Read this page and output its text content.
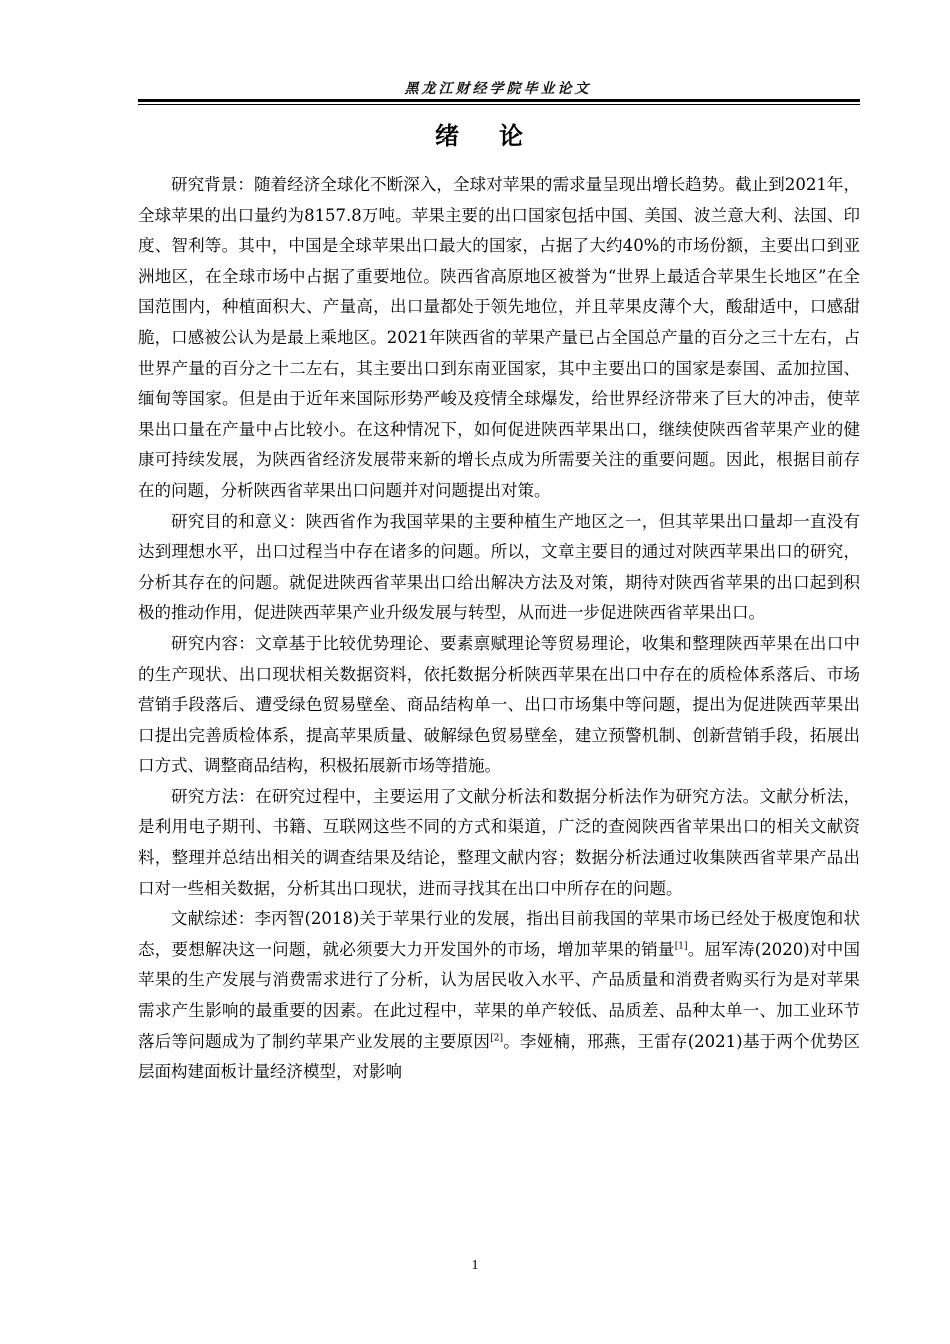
黑龙江财经学院毕业论文
绪论

研究背景：随着经济全球化不断深入，全球对苹果的需求量呈现出增长趋势。截止到2021年，全球苹果的出口量约为8157.8万吨。苹果主要的出口国家包括中国、美国、波兰意大利、法国、印度、智利等。其中，中国是全球苹果出口最大的国家，占据了大约40%的市场份额，主要出口到亚洲地区，在全球市场中占据了重要地位。陕西省高原地区被誉为“世界上最适合苹果生长地区”在全国范围内，种植面积大、产量高，出口量都处于领先地位，并且苹果皮薄个大，酸甜适中，口感甜脆，口感被公认为是最上乘地区。2021年陕西省的苹果产量已占全国总产量的百分之三十左右，占世界产量的百分之十二左右，其主要出口到东南亚国家，其中主要出口的国家是泰国、孟加拉国、缅甸等国家。但是由于近年来国际形势严峻及疫情全球爆发，给世界经济带来了巨大的冲击，使苹果出口量在产量中占比较小。在这种情况下，如何促进陕西苹果出口，继续使陕西省苹果产业的健康可持续发展，为陕西省经济发展带来新的增长点成为所需要关注的重要问题。因此，根据目前存在的问题，分析陕西省苹果出口问题并对问题提出对策。

研究目的和意义：陕西省作为我国苹果的主要种植生产地区之一，但其苹果出口量却一直没有达到理想水平，出口过程当中存在诸多的问题。所以，文章主要目的通过对陕西苹果出口的研究，分析其存在的问题。就促进陕西省苹果出口给出解决方法及对策，期待对陕西省苹果的出口起到积极的推动作用，促进陕西苹果产业升级发展与转型，从而进一步促进陕西省苹果出口。

研究内容：文章基于比较优势理论、要素禀赋理论等贸易理论，收集和整理陕西苹果在出口中的生产现状、出口现状相关数据资料，依托数据分析陕西苹果在出口中存在的质检体系落后、市场营销手段落后、遭受绿色贸易壁垒、商品结构单一、出口市场集中等问题，提出为促进陕西苹果出口提出完善质检体系，提高苹果质量、破解绿色贸易壁垒，建立预警机制、创新营销手段，拓展出口方式、调整商品结构，积极拓展新市场等措施。

研究方法：在研究过程中，主要运用了文献分析法和数据分析法作为研究方法。文献分析法，是利用电子期刊、书籍、互联网这些不同的方式和渠道，广泛的查阅陕西省苹果出口的相关文献资料，整理并总结出相关的调查结果及结论，整理文献内容；数据分析法通过收集陕西省苹果产品出口对一些相关数据，分析其出口现状，进而寻找其在出口中所存在的问题。

文献综述：李丙智(2018)关于苹果行业的发展，指出目前我国的苹果市场已经处于极度饱和状态，要想解决这一问题，就必须要大力开发国外的市场，增加苹果的销量[1]。屈军涛(2020)对中国苹果的生产发展与消费需求进行了分析，认为居民收入水平、产品质量和消费者购买行为是对苹果需求产生影响的最重要的因素。在此过程中，苹果的单产较低、品质差、品种太单一、加工业环节落后等问题成为了制约苹果产业发展的主要原因[2]。李娅楠，邢燕，王雷存(2021)基于两个优势区层面构建面板计量经济模型，对影响

1
